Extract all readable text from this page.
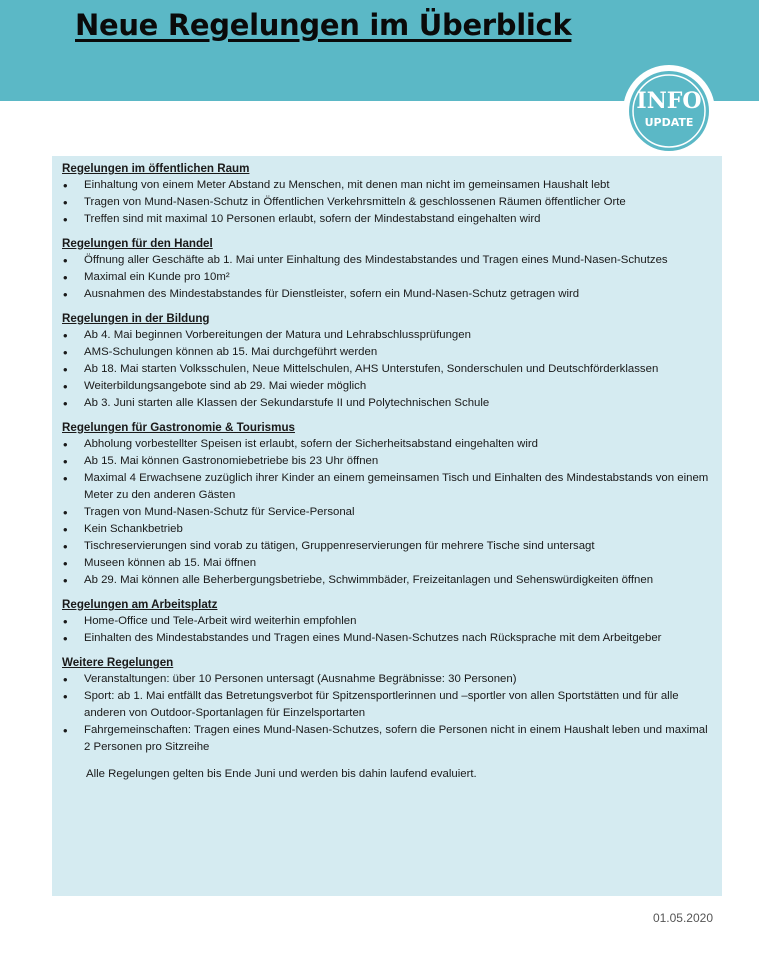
Neue Regelungen im Überblick
INFO
UPDATE
Regelungen im öffentlichen Raum
• Einhaltung von einem Meter Abstand zu Menschen, mit denen man nicht im gemeinsamen Haushalt lebt
• Tragen von Mund-Nasen-Schutz in Öffentlichen Verkehrsmitteln & geschlossenen Räumen öffentlicher Orte
• Treffen sind mit maximal 10 Personen erlaubt, sofern der Mindestabstand eingehalten wird
Regelungen für den Handel
• Öffnung aller Geschäfte ab 1. Mai unter Einhaltung des Mindestabstandes und Tragen eines Mund-Nasen-Schutzes
• Maximal ein Kunde pro 10m²
• Ausnahmen des Mindestabstandes für Dienstleister, sofern ein Mund-Nasen-Schutz getragen wird
Regelungen in der Bildung
• Ab 4. Mai beginnen Vorbereitungen der Matura und Lehrabschlussprüfungen
• AMS-Schulungen können ab 15. Mai durchgeführt werden
• Ab 18. Mai starten Volksschulen, Neue Mittelschulen, AHS Unterstufen, Sonderschulen und Deutschförderklassen
• Weiterbildungsangebote sind ab 29. Mai wieder möglich
• Ab 3. Juni starten alle Klassen der Sekundarstufe II und Polytechnischen Schule
Regelungen für Gastronomie & Tourismus
• Abholung vorbestellter Speisen ist erlaubt, sofern der Sicherheitsabstand eingehalten wird
• Ab 15. Mai können Gastronomiebetriebe bis 23 Uhr öffnen
• Maximal 4 Erwachsene zuzüglich ihrer Kinder an einem gemeinsamen Tisch und Einhalten des Mindestabstands von einem Meter zu den anderen Gästen
• Tragen von Mund-Nasen-Schutz für Service-Personal
• Kein Schankbetrieb
• Tischreservierungen sind vorab zu tätigen, Gruppenreservierungen für mehrere Tische sind untersagt
• Museen können ab 15. Mai öffnen
• Ab 29. Mai können alle Beherbergungsbetriebe, Schwimmbäder, Freizeitanlagen und Sehenswürdigkeiten öffnen
Regelungen am Arbeitsplatz
• Home-Office und Tele-Arbeit wird weiterhin empfohlen
• Einhalten des Mindestabstandes und Tragen eines Mund-Nasen-Schutzes nach Rücksprache mit dem Arbeitgeber
Weitere Regelungen
• Veranstaltungen: über 10 Personen untersagt (Ausnahme Begräbnisse: 30 Personen)
• Sport: ab 1. Mai entfällt das Betretungsverbot für Spitzensportlerinnen und –sportler von allen Sportstätten und für alle anderen von Outdoor-Sportanlagen für Einzelsportarten
• Fahrgemeinschaften: Tragen eines Mund-Nasen-Schutzes, sofern die Personen nicht in einem Haushalt leben und maximal 2 Personen pro Sitzreihe

Alle Regelungen gelten bis Ende Juni und werden bis dahin laufend evaluiert.

01.05.2020
